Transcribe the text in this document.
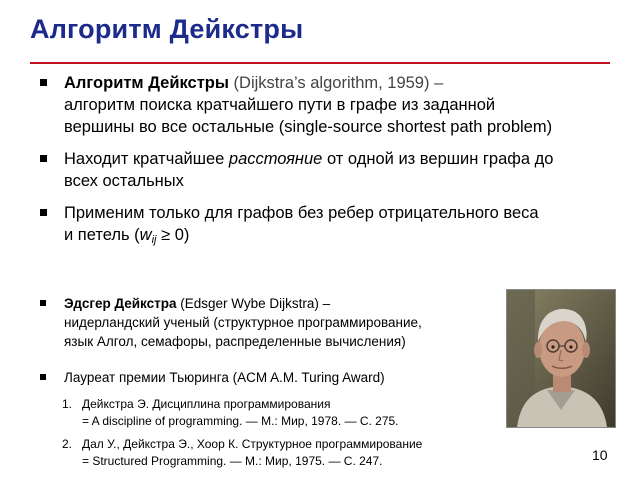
Алгоритм Дейкстры
Алгоритм Дейкстры (Dijkstra’s algorithm, 1959) –
алгоритм поиска кратчайшего пути в графе из заданной
вершины во все остальные (single-source shortest path problem)
Находит кратчайшее расстояние от одной из вершин графа до
всех остальных
Применим только для графов без ребер отрицательного веса
и петель $(w_{ij} \ge 0)$
Эдсгер Дейкстра (Edsger Wybe Dijkstra) –
нидерландский ученый (структурное программирование,
язык Алгол, семафоры, распределенные вычисления)
Лауреат премии Тьюринга (ACM A.M. Turing Award)
1. Дейкстра Э. Дисциплина программирования
= A discipline of programming. — М.: Мир, 1978. — С. 275.
2. Дал У., Дейкстра Э., Хоор К. Структурное программирование
= Structured Programming. — М.: Мир, 1975. — С. 247.	10
